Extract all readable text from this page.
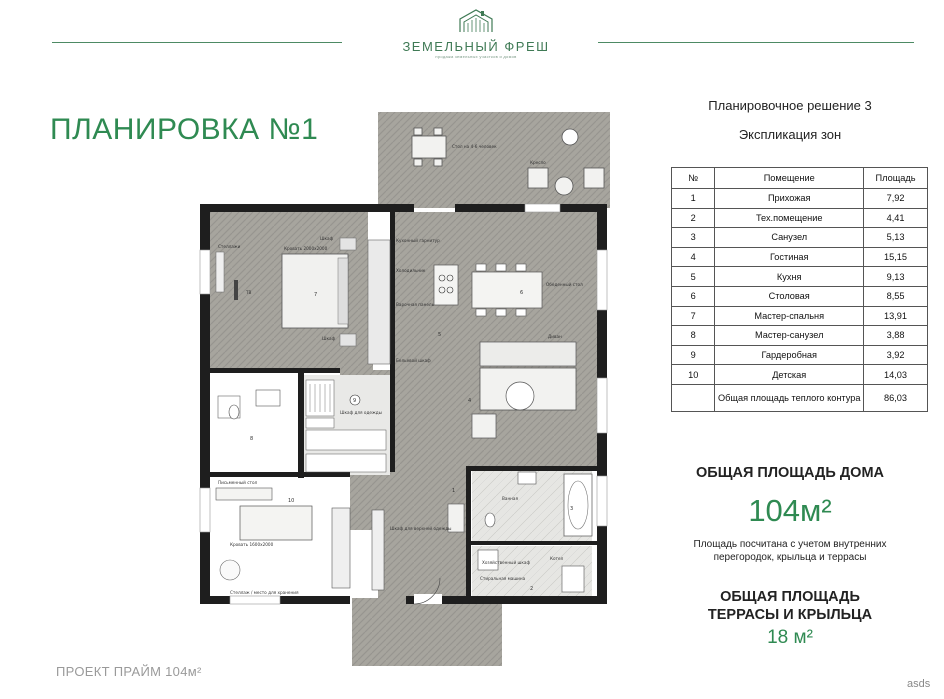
ЗЕМЕЛЬНЫЙ ФРЕШ
продажа земельных участков и домов
ПЛАНИРОВКА №1
Стол на 4-6 человек
Кресло
7
Стеллажи	Кровать 2000х2000
Шкаф
Шкаф
ТВ	6
5
Кухонный гарнитур
Холодильник
Варочная панель
Обеденный стол
Бельевой шкаф
4
Диван
8
9
Шкаф для одежды
10
Письменный стол
Кровать 1600х2000
Стеллаж / место для хранения
1
Шкаф для верхней одежды
3
2
Ванная
Стиральная машина
Хозяйственный шкаф
Котел
Планировочное решение 3
Экспликация зон
№	Помещение	Площадь
1	Прихожая	7,92
2	Тех.помещение	4,41
3	Санузел	5,13
4	Гостиная	15,15
5	Кухня	9,13
6	Столовая	8,55
7	Мастер-спальня	13,91
8	Мастер-санузел	3,88
9	Гардеробная	3,92
10	Детская	14,03
	Общая площадь теплого контура	86,03
ОБЩАЯ ПЛОЩАДЬ ДОМА
104м²
Площадь посчитана с учетом внутренних
перегородок, крыльца и террасы
ОБЩАЯ ПЛОЩАДЬ
ТЕРРАСЫ И КРЫЛЬЦА
18 м²
ПРОЕКТ ПРАЙМ 104м²
asds
